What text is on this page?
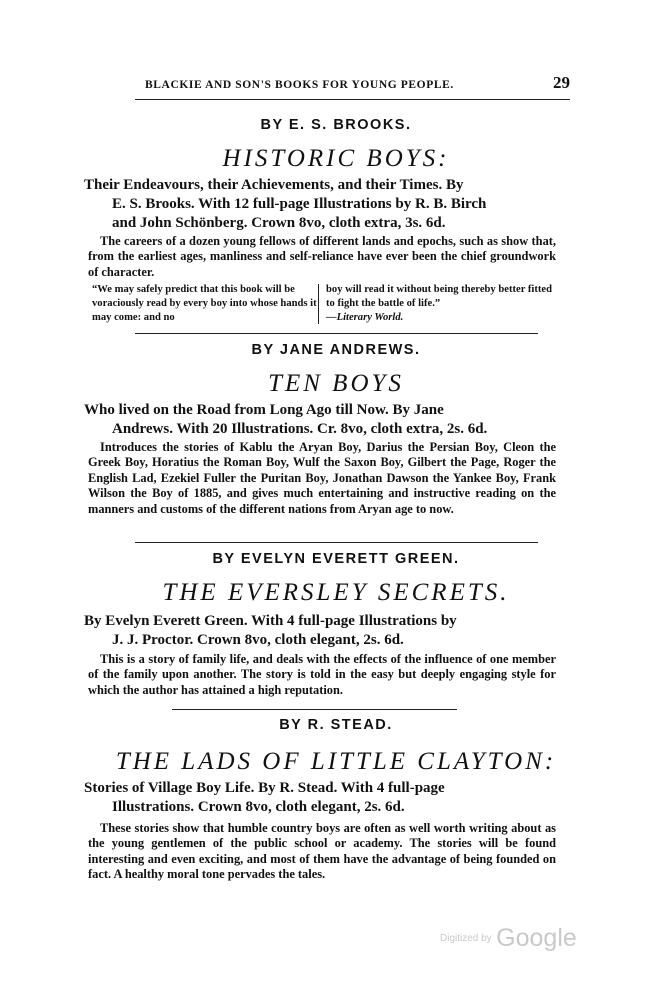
BLACKIE AND SON'S BOOKS FOR YOUNG PEOPLE.	29
BY E. S. BROOKS.
HISTORIC BOYS:
Their Endeavours, their Achievements, and their Times. By
E. S. Brooks. With 12 full-page Illustrations by R. B. Birch
and John Schönberg. Crown 8vo, cloth extra, 3s. 6d.
The careers of a dozen young fellows of different lands and epochs, such as show that, from the earliest ages, manliness and self-reliance have ever been the chief groundwork of character.
“We may safely predict that this book will be voraciously read by every boy into whose hands it may come: and no
boy will read it without being thereby better fitted to fight the battle of life.”
—Literary World.
BY JANE ANDREWS.
TEN BOYS
Who lived on the Road from Long Ago till Now. By Jane
Andrews. With 20 Illustrations. Cr. 8vo, cloth extra, 2s. 6d.
Introduces the stories of Kablu the Aryan Boy, Darius the Persian Boy, Cleon the Greek Boy, Horatius the Roman Boy, Wulf the Saxon Boy, Gilbert the Page, Roger the English Lad, Ezekiel Fuller the Puritan Boy, Jonathan Dawson the Yankee Boy, Frank Wilson the Boy of 1885, and gives much entertaining and instructive reading on the manners and customs of the different nations from Aryan age to now.
BY EVELYN EVERETT GREEN.
THE EVERSLEY SECRETS.
By Evelyn Everett Green. With 4 full-page Illustrations by
J. J. Proctor. Crown 8vo, cloth elegant, 2s. 6d.
This is a story of family life, and deals with the effects of the influence of one member of the family upon another. The story is told in the easy but deeply engaging style for which the author has attained a high reputation.
BY R. STEAD.
THE LADS OF LITTLE CLAYTON:
Stories of Village Boy Life. By R. Stead. With 4 full-page
Illustrations. Crown 8vo, cloth elegant, 2s. 6d.
These stories show that humble country boys are often as well worth writing about as the young gentlemen of the public school or academy. The stories will be found interesting and even exciting, and most of them have the advantage of being founded on fact. A healthy moral tone pervades the tales.
Digitized by Google
